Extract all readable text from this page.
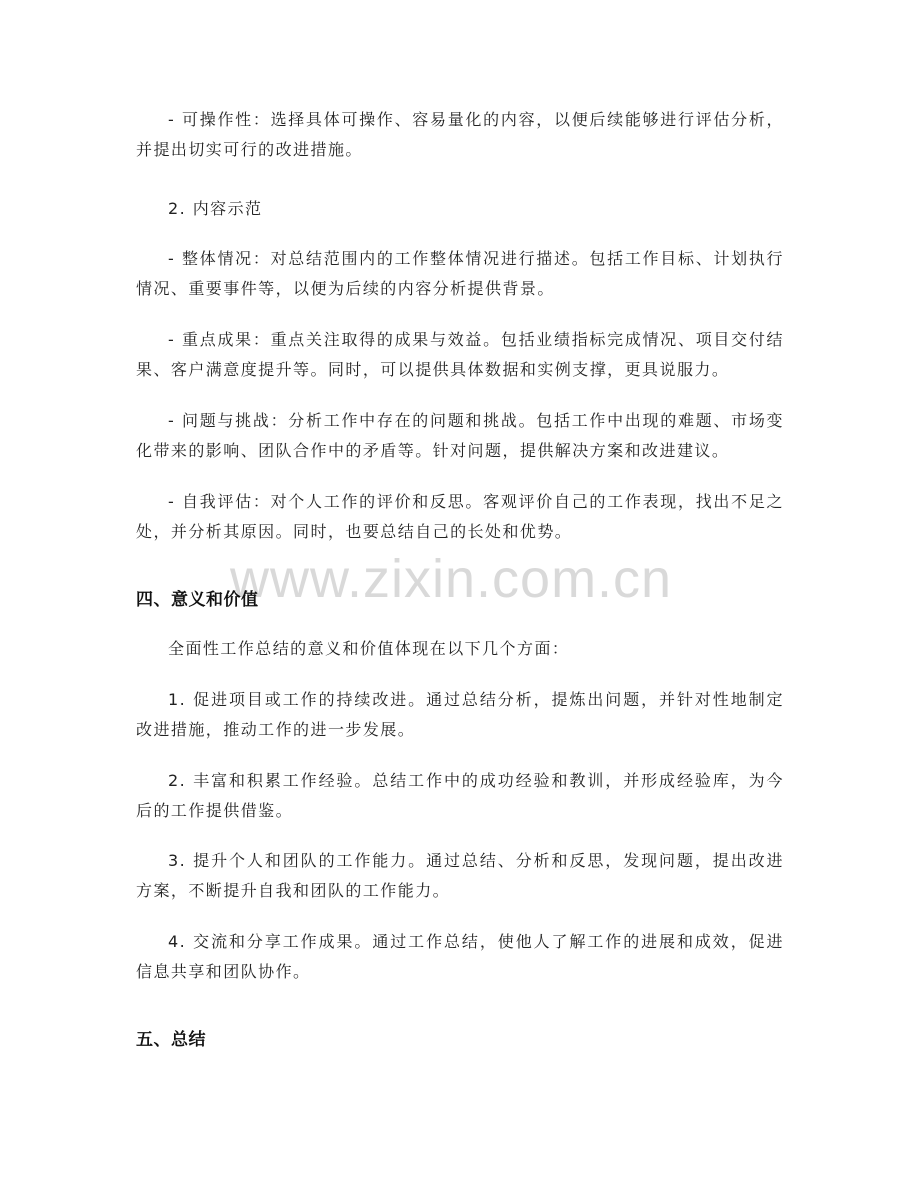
www.zixin.com.cn

- 可操作性：选择具体可操作、容易量化的内容，以便后续能够进行评估分析，并提出切实可行的改进措施。

2. 内容示范

- 整体情况：对总结范围内的工作整体情况进行描述。包括工作目标、计划执行情况、重要事件等，以便为后续的内容分析提供背景。

- 重点成果：重点关注取得的成果与效益。包括业绩指标完成情况、项目交付结果、客户满意度提升等。同时，可以提供具体数据和实例支撑，更具说服力。

- 问题与挑战：分析工作中存在的问题和挑战。包括工作中出现的难题、市场变化带来的影响、团队合作中的矛盾等。针对问题，提供解决方案和改进建议。

- 自我评估：对个人工作的评价和反思。客观评价自己的工作表现，找出不足之处，并分析其原因。同时，也要总结自己的长处和优势。

四、意义和价值

全面性工作总结的意义和价值体现在以下几个方面：

1. 促进项目或工作的持续改进。通过总结分析，提炼出问题，并针对性地制定改进措施，推动工作的进一步发展。

2. 丰富和积累工作经验。总结工作中的成功经验和教训，并形成经验库，为今后的工作提供借鉴。

3. 提升个人和团队的工作能力。通过总结、分析和反思，发现问题，提出改进方案，不断提升自我和团队的工作能力。

4. 交流和分享工作成果。通过工作总结，使他人了解工作的进展和成效，促进信息共享和团队协作。

五、总结
